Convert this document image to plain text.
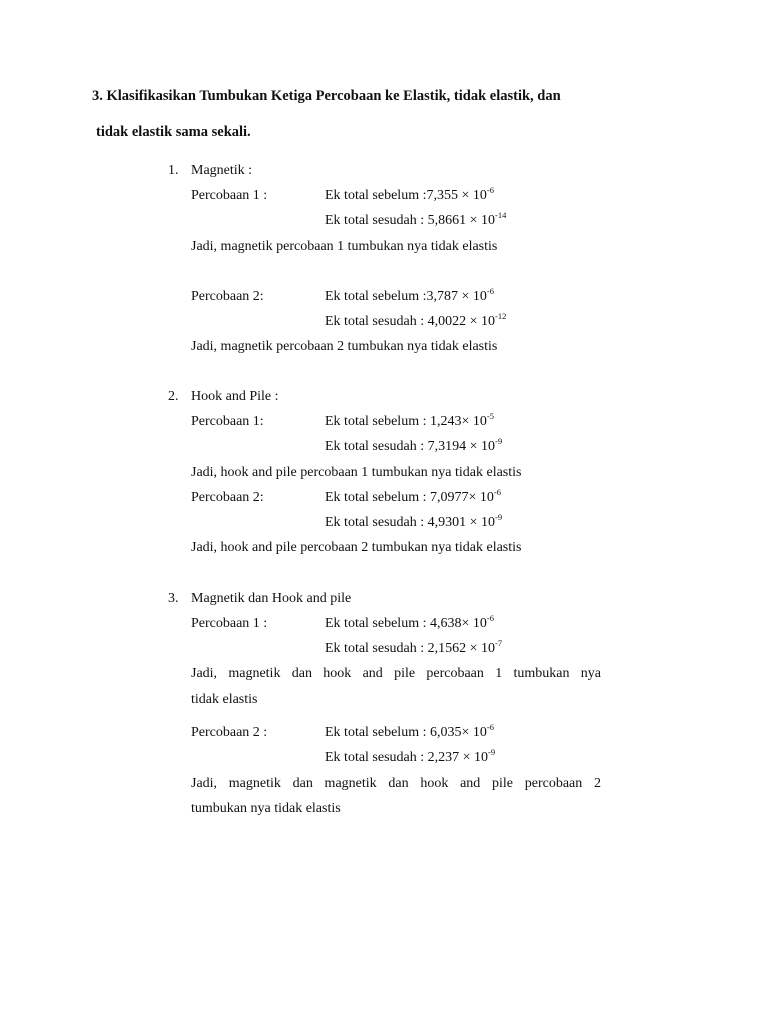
3. Klasifikasikan Tumbukan Ketiga Percobaan ke Elastik, tidak elastik, dan
tidak elastik sama sekali.
1. Magnetik :
Percobaan 1 :	Ek total sebelum :7,355 × $10^{-6}$
Ek total sesudah : $5,8661 \times 10^{-14}$
Jadi, magnetik percobaan 1 tumbukan nya tidak elastis
Percobaan 2:	Ek total sebelum :3,787 × $10^{-6}$
Ek total sesudah : $4,0022 \times 10^{-12}$
Jadi, magnetik percobaan 2 tumbukan nya tidak elastis
2. Hook and Pile :
Percobaan 1:	Ek total sebelum : $1,243\times 10^{-5}$
Ek total sesudah : $7,3194 \times 10^{-9}$
Jadi, hook and pile percobaan 1 tumbukan nya tidak elastis
Percobaan 2:	Ek total sebelum : $7,0977\times 10^{-6}$
Ek total sesudah : $4,9301 \times 10^{-9}$
Jadi, hook and pile percobaan 2 tumbukan nya tidak elastis
3. Magnetik dan Hook and pile
Percobaan 1 :	Ek total sebelum : $4,638\times 10^{-6}$
Ek total sesudah : $2,1562 \times 10^{-7}$
Jadi, magnetik dan hook and pile percobaan 1 tumbukan nya
tidak elastis
Percobaan 2 :	Ek total sebelum : $6,035\times 10^{-6}$
Ek total sesudah : $2,237 \times 10^{-9}$
Jadi, magnetik dan magnetik dan hook and pile percobaan 2
tumbukan nya tidak elastis
